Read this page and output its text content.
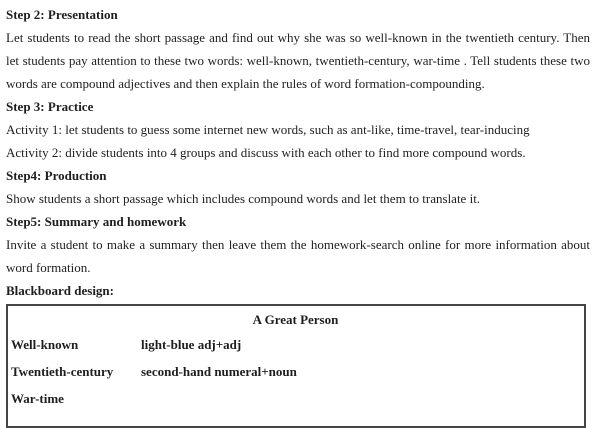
Step 2: Presentation

Let students to read the short passage and find out why she was so well-known in the twentieth century. Then let students pay attention to these two words: well-known, twentieth-century, war-time . Tell students these two words are compound adjectives and then explain the rules of word formation-compounding.

Step 3: Practice

Activity 1: let students to guess some internet new words, such as ant-like, time-travel, tear-inducing

Activity 2: divide students into 4 groups and discuss with each other to find more compound words.

Step4: Production

Show students a short passage which includes compound words and let them to translate it.

Step5: Summary and homework

Invite a student to make a summary then leave them the homework-search online for more information about word formation.

Blackboard design:
A Great Person
Well-known	light-blue adj+adj
Twentieth-century	second-hand numeral+noun
War-time
